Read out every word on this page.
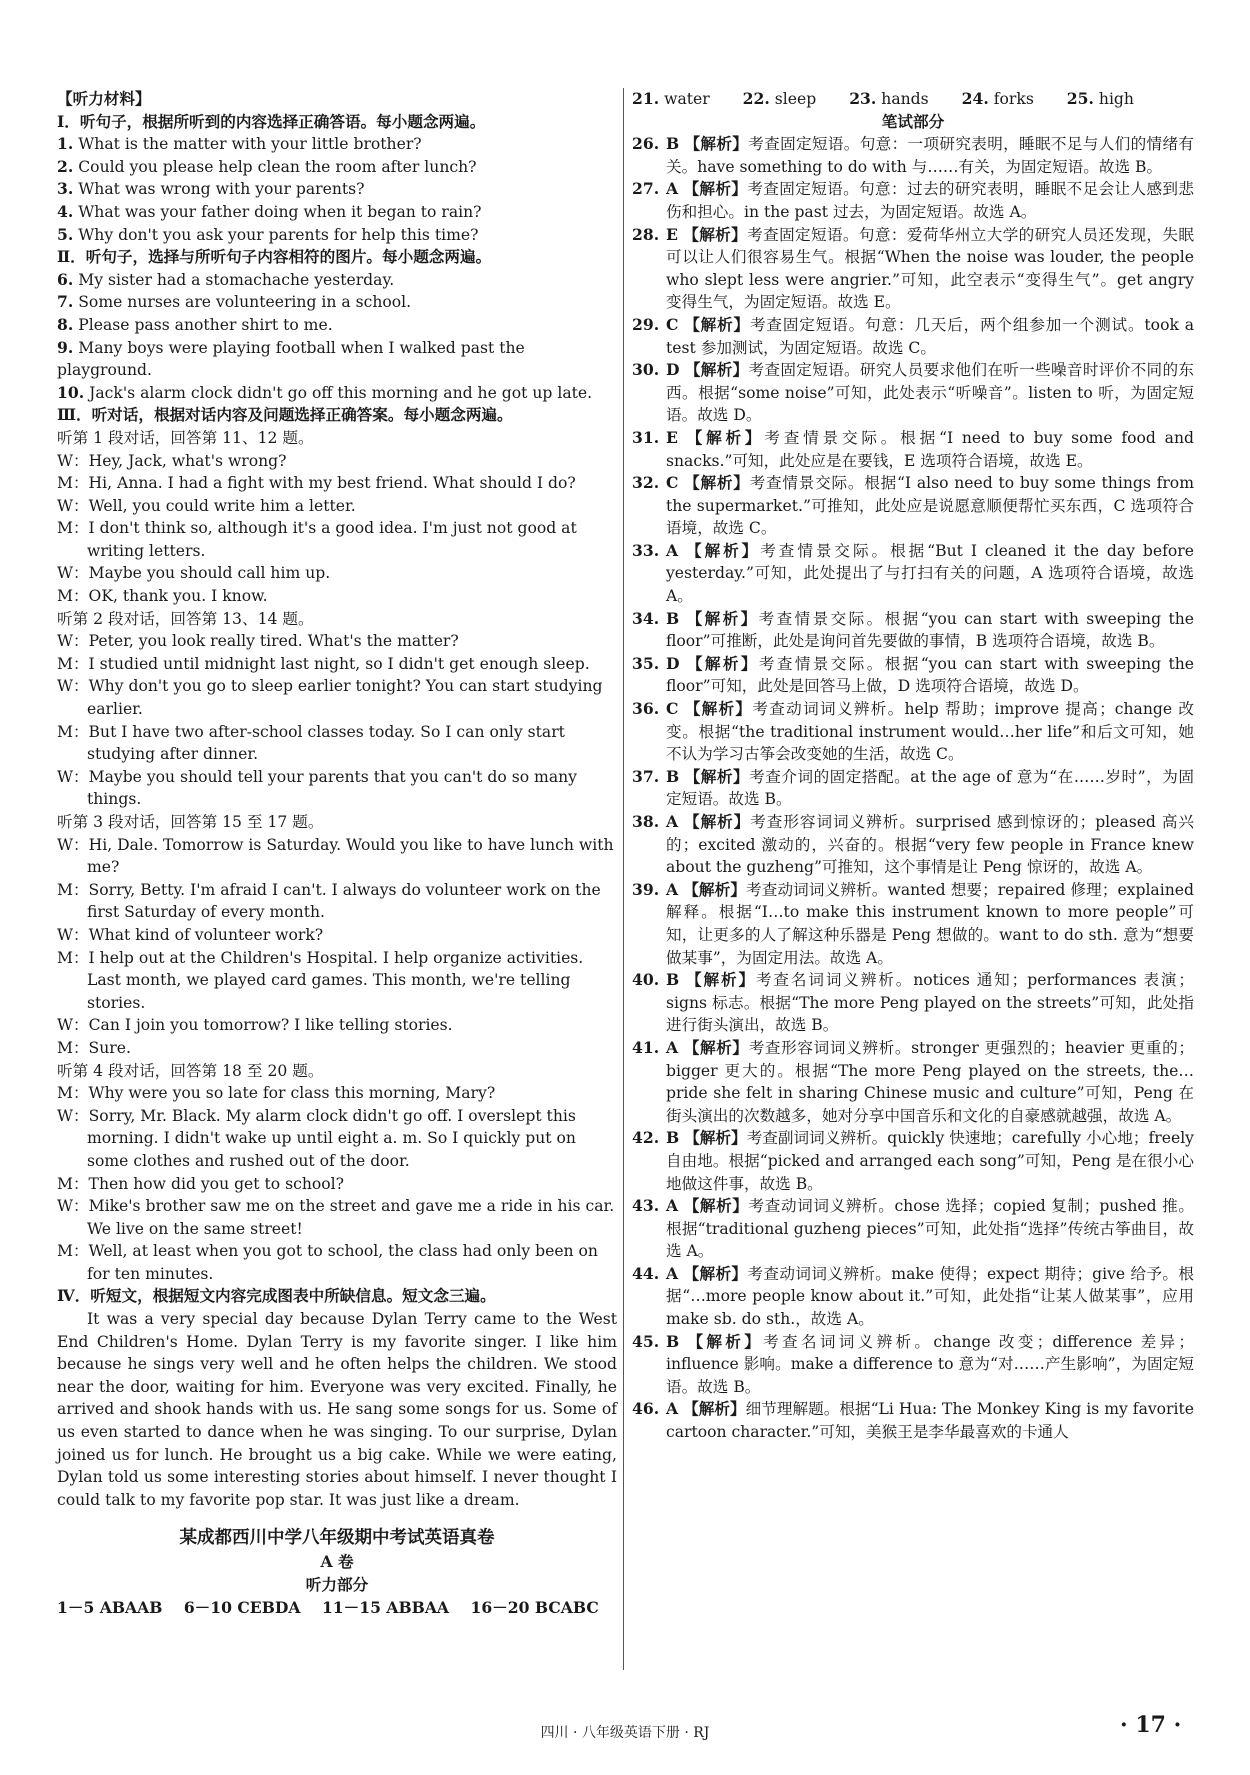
【听力材料】

Ⅰ．听句子，根据所听到的内容选择正确答语。每小题念两遍。

1. What is the matter with your little brother?

2. Could you please help clean the room after lunch?

3. What was wrong with your parents?

4. What was your father doing when it began to rain?

5. Why don't you ask your parents for help this time?

Ⅱ．听句子，选择与所听句子内容相符的图片。每小题念两遍。

6. My sister had a stomachache yesterday.

7. Some nurses are volunteering in a school.

8. Please pass another shirt to me.

9. Many boys were playing football when I walked past the playground.

10. Jack's alarm clock didn't go off this morning and he got up late.

Ⅲ．听对话，根据对话内容及问题选择正确答案。每小题念两遍。

听第 1 段对话，回答第 11、12 题。

W：Hey, Jack, what's wrong?

M：Hi, Anna. I had a fight with my best friend. What should I do?

W：Well, you could write him a letter.

M：I don't think so, although it's a good idea. I'm just not good at writing letters.

W：Maybe you should call him up.

M：OK, thank you. I know.

听第 2 段对话，回答第 13、14 题。

W：Peter, you look really tired. What's the matter?

M：I studied until midnight last night, so I didn't get enough sleep.

W：Why don't you go to sleep earlier tonight? You can start studying earlier.

M：But I have two after-school classes today. So I can only start studying after dinner.

W：Maybe you should tell your parents that you can't do so many things.

听第 3 段对话，回答第 15 至 17 题。

W：Hi, Dale. Tomorrow is Saturday. Would you like to have lunch with me?

M：Sorry, Betty. I'm afraid I can't. I always do volunteer work on the first Saturday of every month.

W：What kind of volunteer work?

M：I help out at the Children's Hospital. I help organize activities. Last month, we played card games. This month, we're telling stories.

W：Can I join you tomorrow? I like telling stories.

M：Sure.

听第 4 段对话，回答第 18 至 20 题。

M：Why were you so late for class this morning, Mary?

W：Sorry, Mr. Black. My alarm clock didn't go off. I overslept this morning. I didn't wake up until eight a. m. So I quickly put on some clothes and rushed out of the door.

M：Then how did you get to school?

W：Mike's brother saw me on the street and gave me a ride in his car. We live on the same street!

M：Well, at least when you got to school, the class had only been on for ten minutes.

Ⅳ．听短文，根据短文内容完成图表中所缺信息。短文念三遍。

It was a very special day because Dylan Terry came to the West End Children's Home. Dylan Terry is my favorite singer. I like him because he sings very well and he often helps the children. We stood near the door, waiting for him. Everyone was very excited. Finally, he arrived and shook hands with us. He sang some songs for us. Some of us even started to dance when he was singing. To our surprise, Dylan joined us for lunch. He brought us a big cake. While we were eating, Dylan told us some interesting stories about himself. I never thought I could talk to my favorite pop star. It was just like a dream.

某成都西川中学八年级期中考试英语真卷

A 卷

听力部分

1－5 ABAAB 6－10 CEBDA 11－15 ABBAA 16－20 BCABC

21. water 22. sleep 23. hands 24. forks 25. high

笔试部分

26. B 【解析】考查固定短语。句意：一项研究表明，睡眠不足与人们的情绪有关。have something to do with 与……有关，为固定短语。故选 B。

27. A 【解析】考查固定短语。句意：过去的研究表明，睡眠不足会让人感到悲伤和担心。in the past 过去，为固定短语。故选 A。

28. E 【解析】考查固定短语。句意：爱荷华州立大学的研究人员还发现，失眠可以让人们很容易生气。根据“When the noise was louder, the people who slept less were angrier.”可知，此空表示“变得生气”。get angry 变得生气，为固定短语。故选 E。

29. C 【解析】考查固定短语。句意：几天后，两个组参加一个测试。took a test 参加测试，为固定短语。故选 C。

30. D 【解析】考查固定短语。研究人员要求他们在听一些噪音时评价不同的东西。根据“some noise”可知，此处表示“听噪音”。listen to 听，为固定短语。故选 D。

31. E 【解析】考查情景交际。根据“I need to buy some food and snacks.”可知，此处应是在要钱，E 选项符合语境，故选 E。

32. C 【解析】考查情景交际。根据“I also need to buy some things from the supermarket.”可推知，此处应是说愿意顺便帮忙买东西，C 选项符合语境，故选 C。

33. A 【解析】考查情景交际。根据“But I cleaned it the day before yesterday.”可知，此处提出了与打扫有关的问题，A 选项符合语境，故选 A。

34. B 【解析】考查情景交际。根据“you can start with sweeping the floor”可推断，此处是询问首先要做的事情，B 选项符合语境，故选 B。

35. D 【解析】考查情景交际。根据“you can start with sweeping the floor”可知，此处是回答马上做，D 选项符合语境，故选 D。

36. C 【解析】考查动词词义辨析。help 帮助；improve 提高；change 改变。根据“the traditional instrument would…her life”和后文可知，她不认为学习古筝会改变她的生活，故选 C。

37. B 【解析】考查介词的固定搭配。at the age of 意为“在……岁时”，为固定短语。故选 B。

38. A 【解析】考查形容词词义辨析。surprised 感到惊讶的；pleased 高兴的；excited 激动的，兴奋的。根据“very few people in France knew about the guzheng”可推知，这个事情是让 Peng 惊讶的，故选 A。

39. A 【解析】考查动词词义辨析。wanted 想要；repaired 修理；explained 解释。根据“I…to make this instrument known to more people”可知，让更多的人了解这种乐器是 Peng 想做的。want to do sth. 意为“想要做某事”，为固定用法。故选 A。

40. B 【解析】考查名词词义辨析。notices 通知；performances 表演；signs 标志。根据“The more Peng played on the streets”可知，此处指进行街头演出，故选 B。

41. A 【解析】考查形容词词义辨析。stronger 更强烈的；heavier 更重的；bigger 更大的。根据“The more Peng played on the streets, the…pride she felt in sharing Chinese music and culture”可知，Peng 在街头演出的次数越多，她对分享中国音乐和文化的自豪感就越强，故选 A。

42. B 【解析】考查副词词义辨析。quickly 快速地；carefully 小心地；freely 自由地。根据“picked and arranged each song”可知，Peng 是在很小心地做这件事，故选 B。

43. A 【解析】考查动词词义辨析。chose 选择；copied 复制；pushed 推。根据“traditional guzheng pieces”可知，此处指“选择”传统古筝曲目，故选 A。

44. A 【解析】考查动词词义辨析。make 使得；expect 期待；give 给予。根据“…more people know about it.”可知，此处指“让某人做某事”，应用 make sb. do sth.，故选 A。

45. B 【解析】考查名词词义辨析。change 改变；difference 差异；influence 影响。make a difference to 意为“对……产生影响”，为固定短语。故选 B。

46. A 【解析】细节理解题。根据“Li Hua: The Monkey King is my favorite cartoon character.”可知，美猴王是李华最喜欢的卡通人

四川 · 八年级英语下册 · RJ	· 17 ·
